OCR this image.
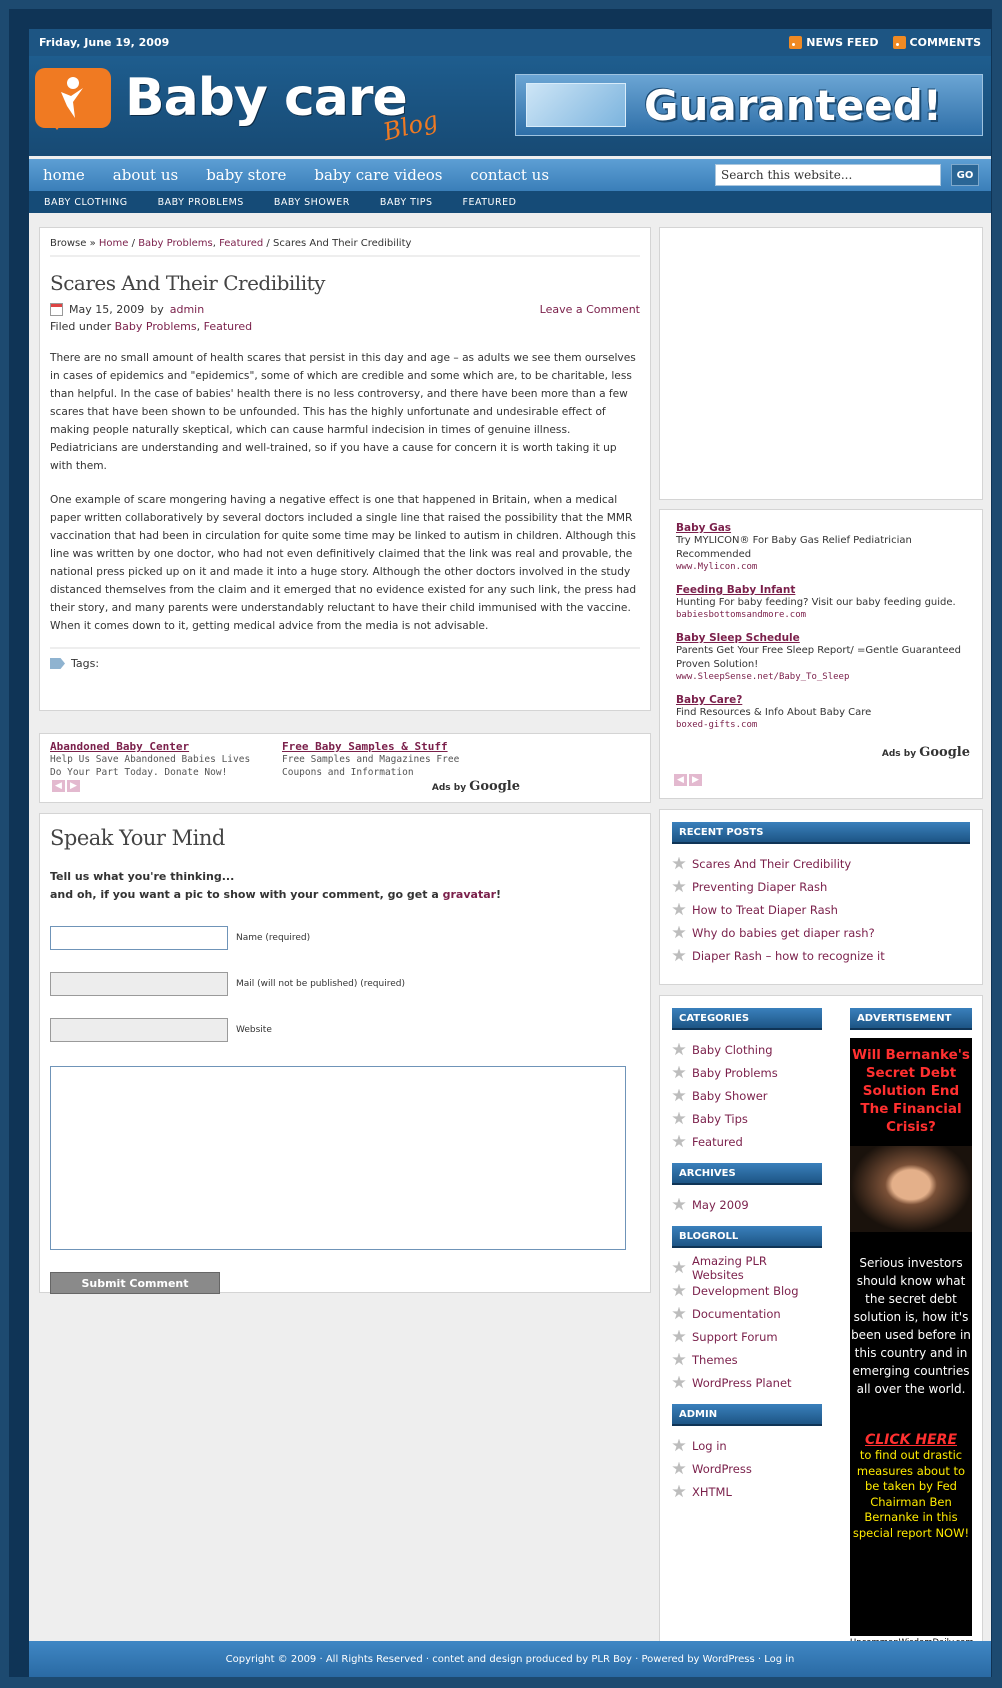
Friday, June 19, 2009	NEWS FEED	COMMENTS
Baby care
Blog	Guaranteed!
home	about us	baby store	baby care videos	contact us
Search this website...	GO
BABY CLOTHING	BABY PROBLEMS	BABY SHOWER	BABY TIPS	FEATURED
Browse » Home / Baby Problems, Featured / Scares And Their Credibility
Scares And Their Credibility
May 15, 2009 by admin	Leave a Comment
Filed under Baby Problems, Featured

There are no small amount of health scares that persist in this day and age – as adults we see them ourselves in cases of epidemics and "epidemics", some of which are credible and some which are, to be charitable, less than helpful. In the case of babies' health there is no less controversy, and there have been more than a few scares that have been shown to be unfounded. This has the highly unfortunate and undesirable effect of making people naturally skeptical, which can cause harmful indecision in times of genuine illness. Pediatricians are understanding and well-trained, so if you have a cause for concern it is worth taking it up with them.

One example of scare mongering having a negative effect is one that happened in Britain, when a medical paper written collaboratively by several doctors included a single line that raised the possibility that the MMR vaccination that had been in circulation for quite some time may be linked to autism in children. Although this line was written by one doctor, who had not even definitively claimed that the link was real and provable, the national press picked up on it and made it into a huge story. Although the other doctors involved in the study distanced themselves from the claim and it emerged that no evidence existed for any such link, the press had their story, and many parents were understandably reluctant to have their child immunised with the vaccine. When it comes down to it, getting medical advice from the media is not advisable.

Tags:
Abandoned Baby Center
Help Us Save Abandoned Babies Lives
Do Your Part Today. Donate Now!
Free Baby Samples & Stuff
Free Samples and Magazines Free
Coupons and Information
◀ ▶	Ads by Google
Speak Your Mind
Tell us what you're thinking...
and oh, if you want a pic to show with your comment, go get a gravatar!
Name (required)
Mail (will not be published) (required)
Website
Submit Comment
Baby Gas
Try MYLICON® For Baby Gas Relief Pediatrician Recommended
www.Mylicon.com
Feeding Baby Infant
Hunting For baby feeding? Visit our baby feeding guide.
babiesbottomsandmore.com
Baby Sleep Schedule
Parents Get Your Free Sleep Report/ =Gentle Guaranteed Proven Solution!
www.SleepSense.net/Baby_To_Sleep
Baby Care?
Find Resources & Info About Baby Care
boxed-gifts.com
Ads by Google
◀ ▶
RECENT POSTS
Scares And Their Credibility
Preventing Diaper Rash
How to Treat Diaper Rash
Why do babies get diaper rash?
Diaper Rash – how to recognize it
CATEGORIES
Baby Clothing
Baby Problems
Baby Shower
Baby Tips
Featured
ARCHIVES
May 2009
BLOGROLL
Amazing PLR Websites
Development Blog
Documentation
Support Forum
Themes
WordPress Planet
ADMIN
Log in
WordPress
XHTML
ADVERTISEMENT
Will Bernanke's Secret Debt Solution End The Financial Crisis?
Serious investors should know what the secret debt solution is, how it's been used before in this country and in emerging countries all over the world.
CLICK HERE
to find out drastic measures about to be taken by Fed Chairman Ben Bernanke in this special report NOW!
Copyright © 2009 · All Rights Reserved · contet and design produced by PLR Boy · Powered by WordPress · Log in
